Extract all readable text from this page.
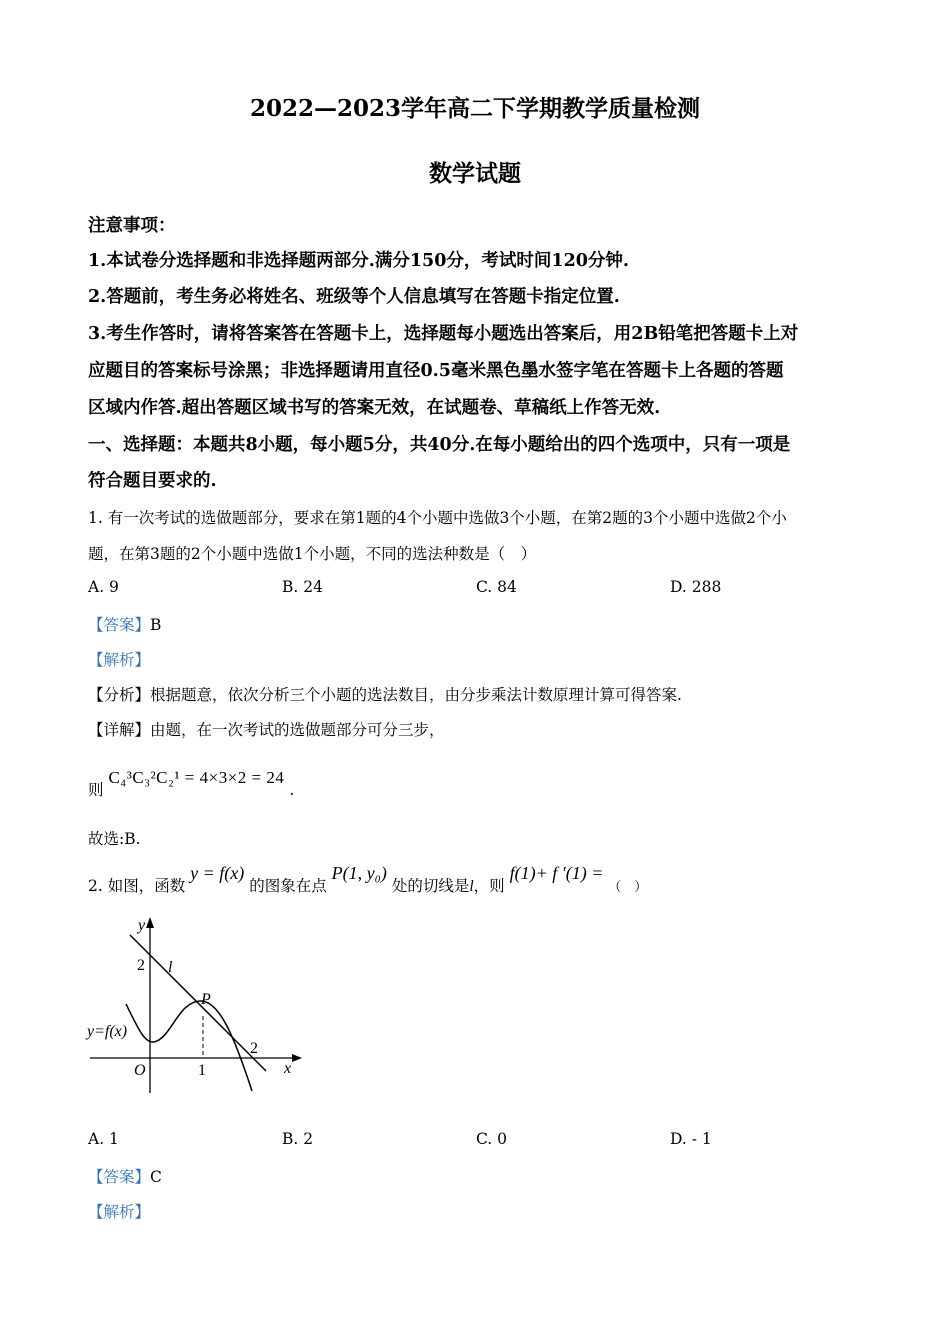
2022—2023学年高二下学期教学质量检测
数学试题
注意事项：
1.本试卷分选择题和非选择题两部分.满分150分，考试时间120分钟.
2.答题前，考生务必将姓名、班级等个人信息填写在答题卡指定位置.
3.考生作答时，请将答案答在答题卡上，选择题每小题选出答案后，用2B铅笔把答题卡上对
应题目的答案标号涂黑；非选择题请用直径0.5毫米黑色墨水签字笔在答题卡上各题的答题
区域内作答.超出答题区域书写的答案无效，在试题卷、草稿纸上作答无效.
一、选择题：本题共8小题，每小题5分，共40分.在每小题给出的四个选项中，只有一项是
符合题目要求的.
1. 有一次考试的选做题部分，要求在第1题的4个小题中选做3个小题，在第2题的3个小题中选做2个小
题，在第3题的2个小题中选做1个小题，不同的选法种数是（　）
A. 9	B. 24	C. 84	D. 288
【答案】B
【解析】
【分析】根据题意，依次分析三个小题的选法数目，由分步乘法计数原理计算可得答案.
【详解】由题，在一次考试的选做题部分可分三步，
则 C₄³C₃²C₂¹ = 4×3×2 = 24 .
故选:B.
2. 如图，函数 y = f(x) 的图象在点 P(1, y₀) 处的切线是l，则 f(1)+ f ′(1) = $_{( )}$
y
x
O	1
2
2 l
P
y=f(x)
A. 1	B. 2	C. 0	D. - 1
【答案】C
【解析】
